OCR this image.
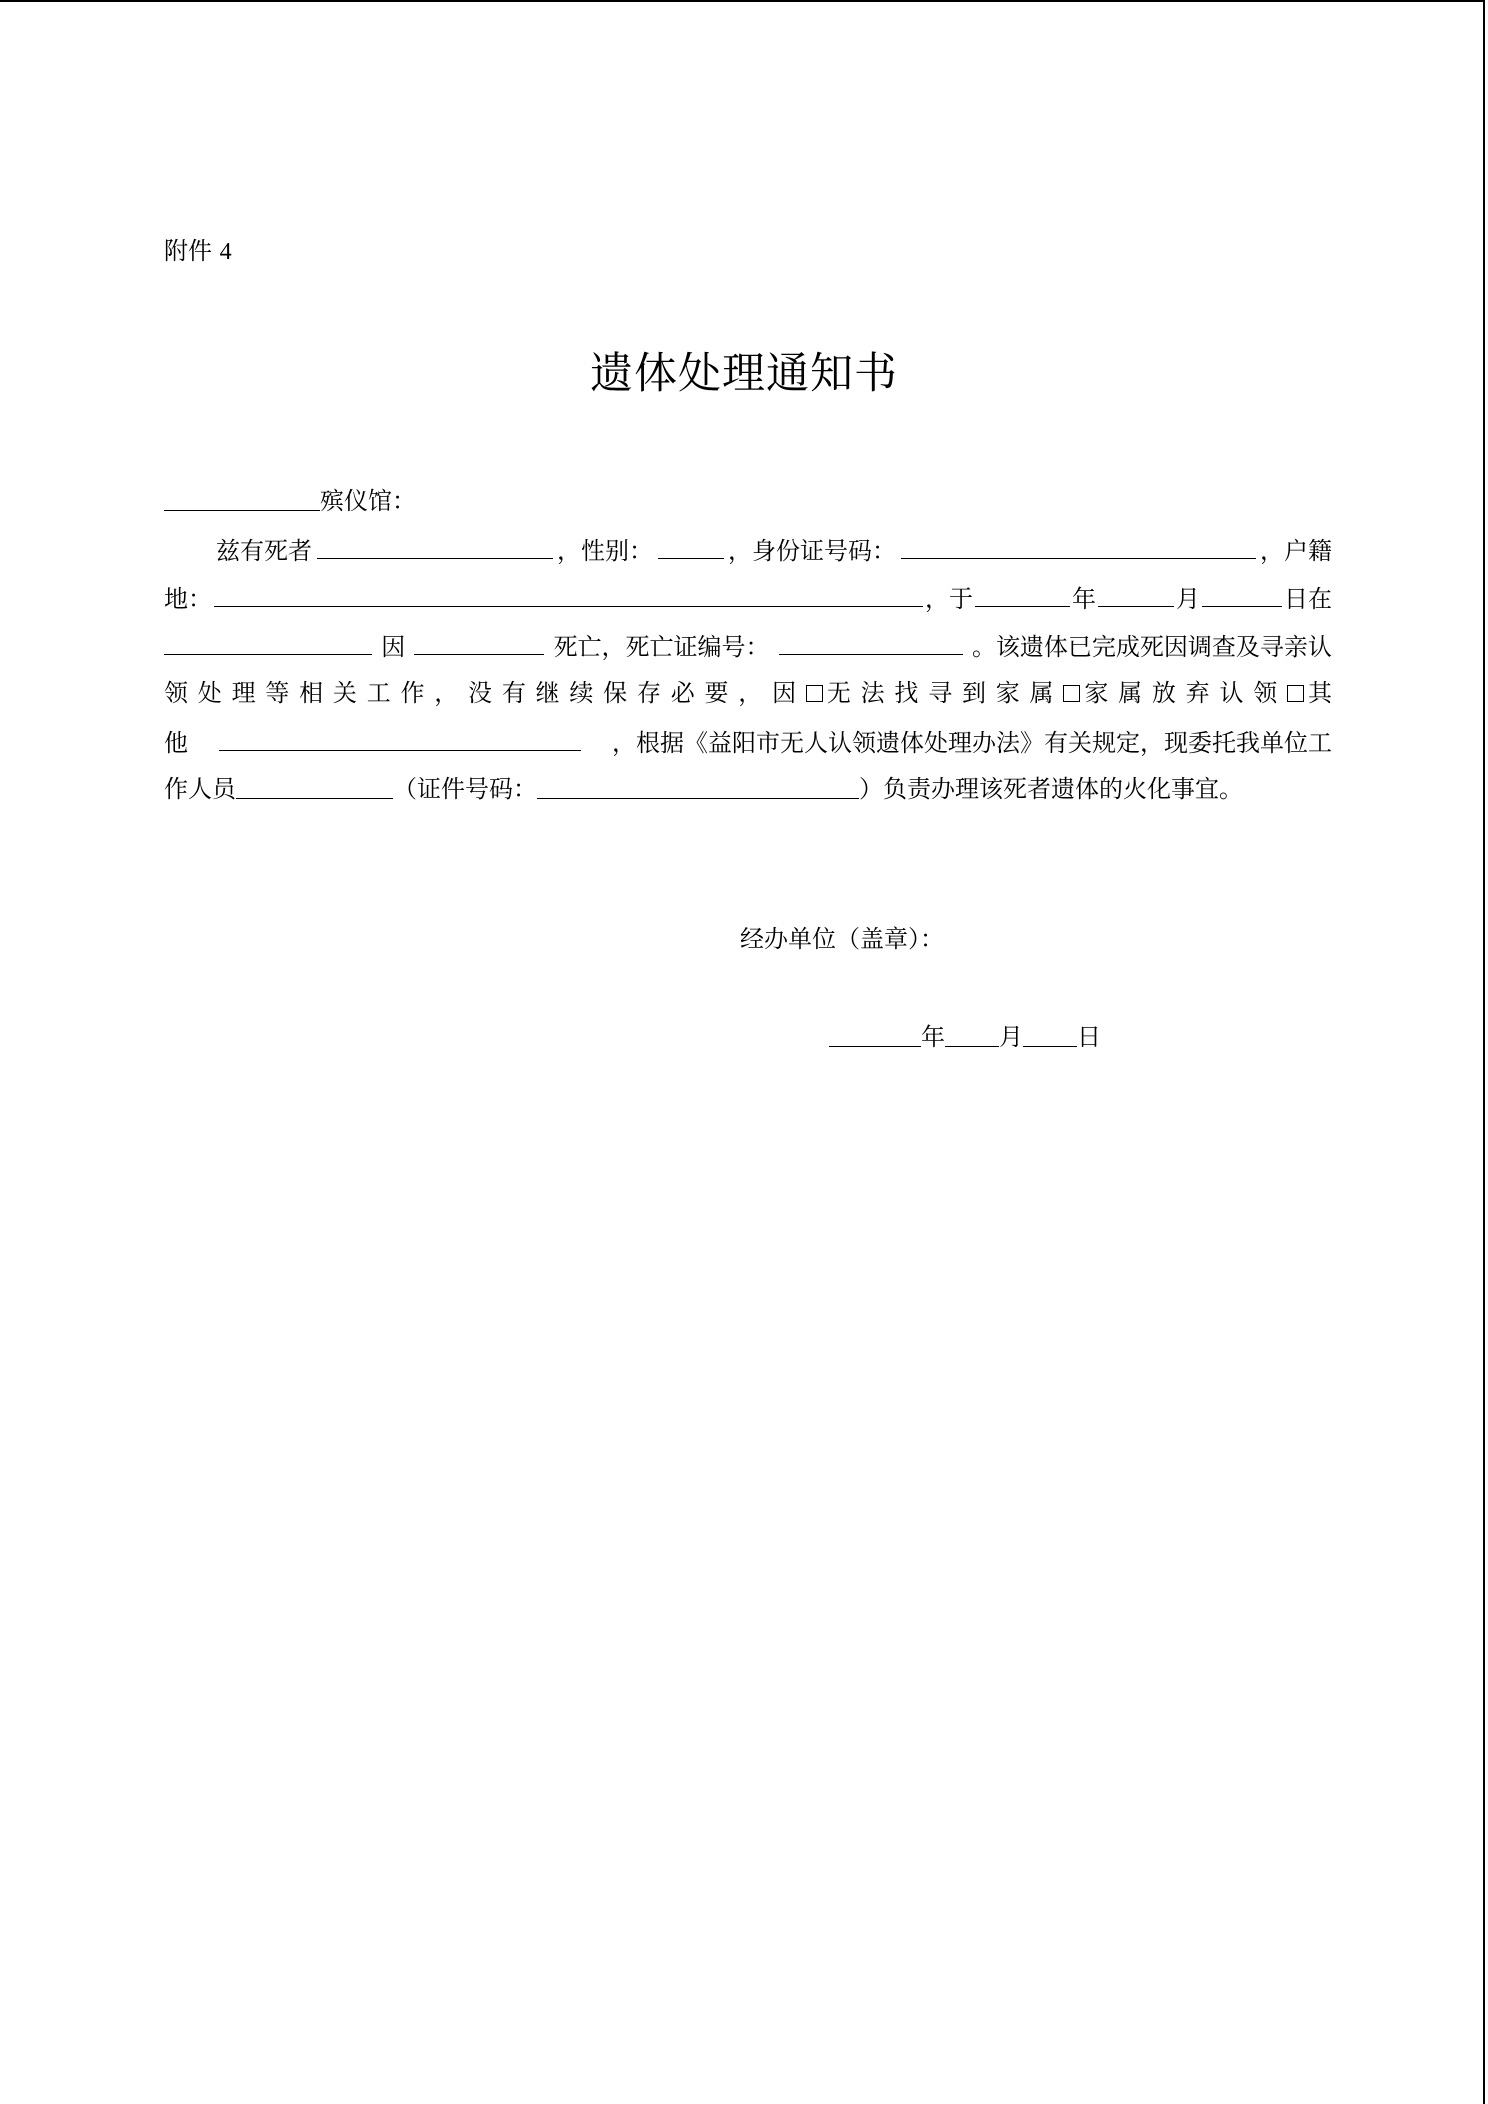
附件 4
遗体处理通知书
殡仪馆：
兹有死者	，性别：	，身份证号码：	，户籍
地：	，于	年	月	日在
因	死亡，死亡证编号：	。该遗体已完成死因调查及寻亲认
领 处 理 等 相 关 工 作 ， 没 有 继 续 保 存 必 要 ， 因	无 法 找 寻 到 家 属	家 属 放 弃 认 领	其
他	，根据《益阳市无人认领遗体处理办法》有关规定，现委托我单位工
作人员	（证件号码：	）负责办理该死者遗体的火化事宜。
经办单位（盖章）：
年 月 日
